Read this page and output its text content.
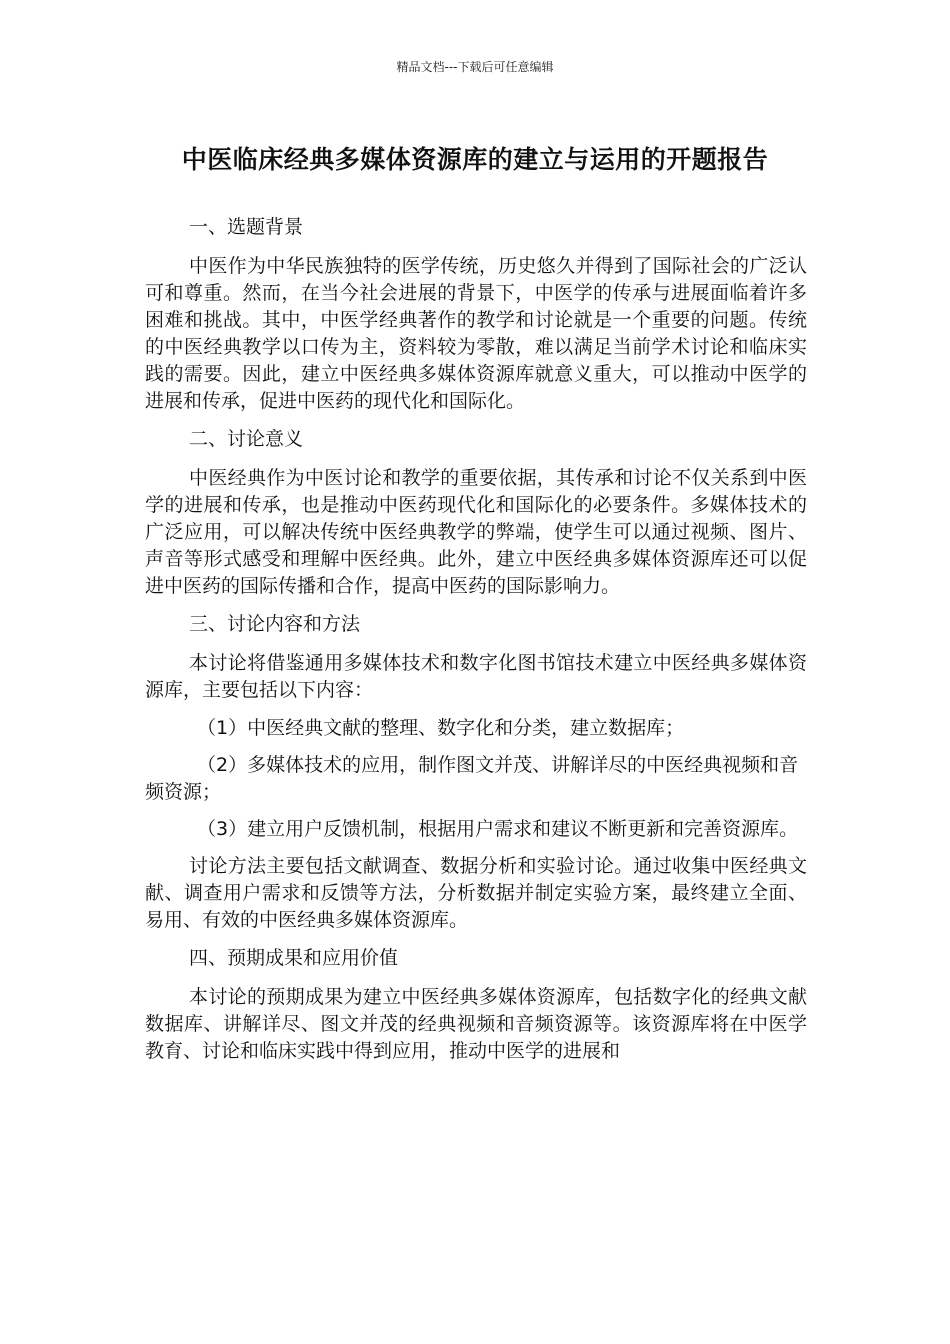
精品文档---下载后可任意编辑
中医临床经典多媒体资源库的建立与运用的开题报告

一、选题背景

中医作为中华民族独特的医学传统，历史悠久并得到了国际社会的广泛认可和尊重。然而，在当今社会进展的背景下，中医学的传承与进展面临着许多困难和挑战。其中，中医学经典著作的教学和讨论就是一个重要的问题。传统的中医经典教学以口传为主，资料较为零散，难以满足当前学术讨论和临床实践的需要。因此，建立中医经典多媒体资源库就意义重大，可以推动中医学的进展和传承，促进中医药的现代化和国际化。

二、讨论意义

中医经典作为中医讨论和教学的重要依据，其传承和讨论不仅关系到中医学的进展和传承，也是推动中医药现代化和国际化的必要条件。多媒体技术的广泛应用，可以解决传统中医经典教学的弊端，使学生可以通过视频、图片、声音等形式感受和理解中医经典。此外，建立中医经典多媒体资源库还可以促进中医药的国际传播和合作，提高中医药的国际影响力。

三、讨论内容和方法

本讨论将借鉴通用多媒体技术和数字化图书馆技术建立中医经典多媒体资源库，主要包括以下内容：

（1）中医经典文献的整理、数字化和分类，建立数据库；

（2）多媒体技术的应用，制作图文并茂、讲解详尽的中医经典视频和音频资源；

（3）建立用户反馈机制，根据用户需求和建议不断更新和完善资源库。

讨论方法主要包括文献调查、数据分析和实验讨论。通过收集中医经典文献、调查用户需求和反馈等方法，分析数据并制定实验方案，最终建立全面、易用、有效的中医经典多媒体资源库。

四、预期成果和应用价值

本讨论的预期成果为建立中医经典多媒体资源库，包括数字化的经典文献数据库、讲解详尽、图文并茂的经典视频和音频资源等。该资源库将在中医学教育、讨论和临床实践中得到应用，推动中医学的进展和
